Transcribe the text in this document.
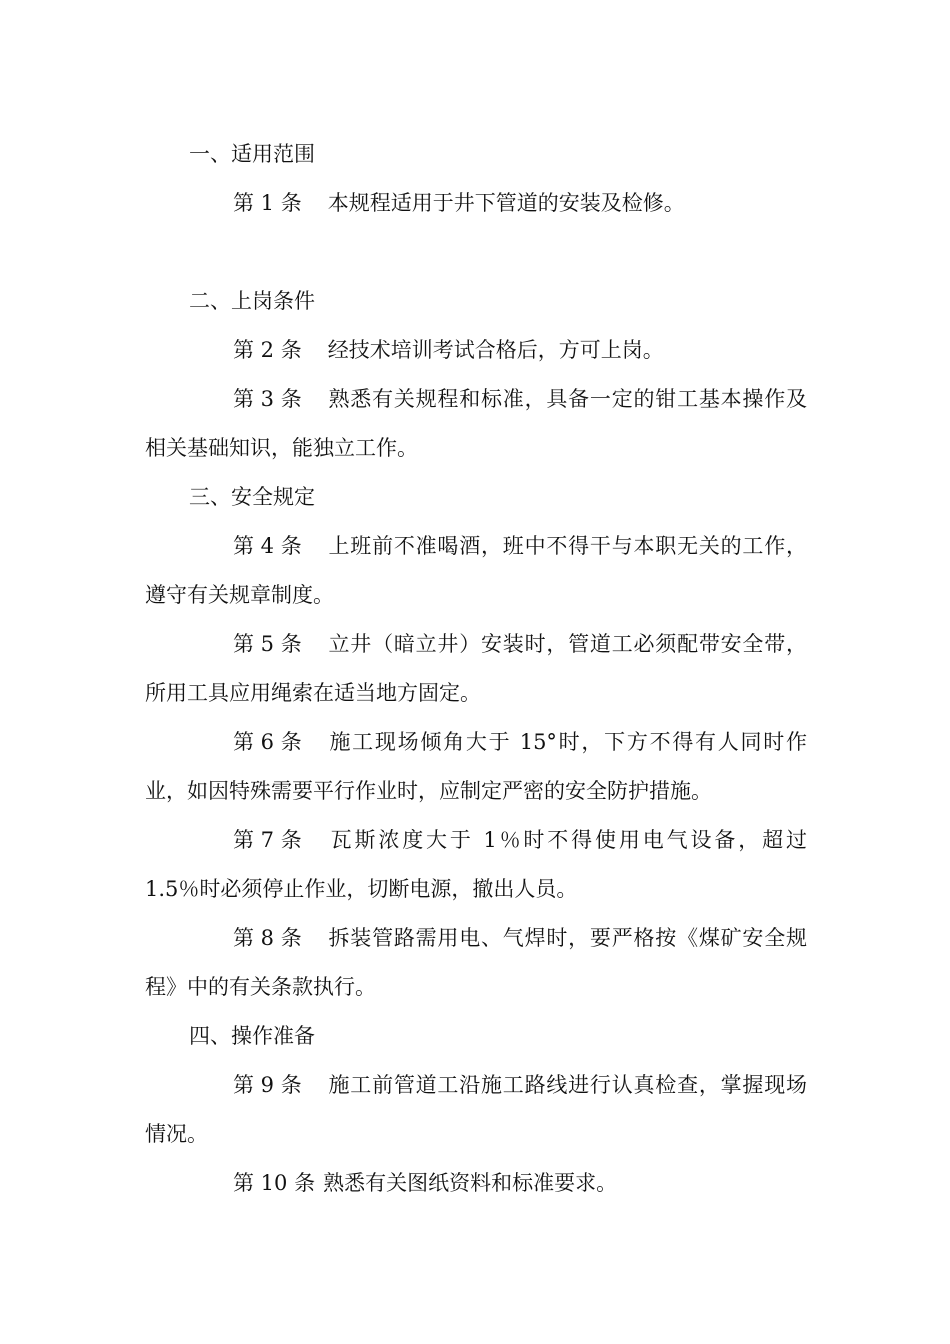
一、适用范围

第 1 条 本规程适用于井下管道的安装及检修。

二、上岗条件

第 2 条 经技术培训考试合格后，方可上岗。

第 3 条 熟悉有关规程和标准，具备一定的钳工基本操作及相关基础知识，能独立工作。

三、安全规定

第 4 条 上班前不准喝酒，班中不得干与本职无关的工作，遵守有关规章制度。

第 5 条 立井（暗立井）安装时，管道工必须配带安全带，所用工具应用绳索在适当地方固定。

第 6 条 施工现场倾角大于 15°时，下方不得有人同时作业，如因特殊需要平行作业时，应制定严密的安全防护措施。

第 7 条 瓦斯浓度大于 1％时不得使用电气设备，超过 1.5％时必须停止作业，切断电源，撤出人员。

第 8 条 拆装管路需用电、气焊时，要严格按《煤矿安全规程》中的有关条款执行。

四、操作准备

第 9 条 施工前管道工沿施工路线进行认真检查，掌握现场情况。

第 10 条 熟悉有关图纸资料和标准要求。
